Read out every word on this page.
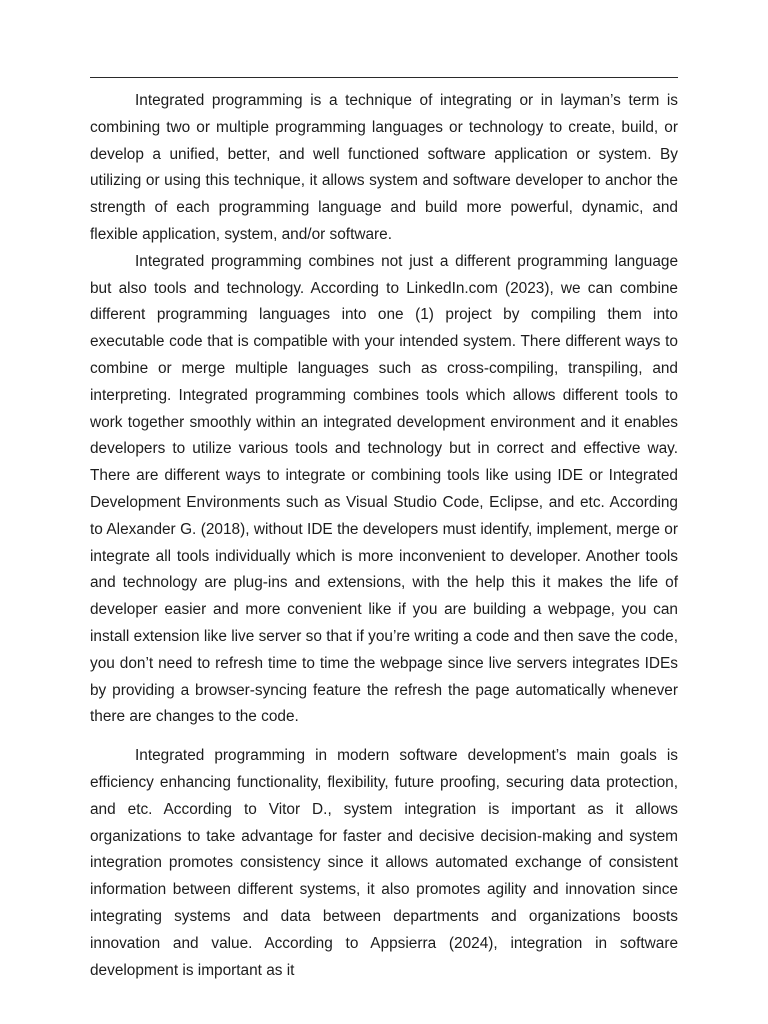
Integrated programming is a technique of integrating or in layman’s term is combining two or multiple programming languages or technology to create, build, or develop a unified, better, and well functioned software application or system. By utilizing or using this technique, it allows system and software developer to anchor the strength of each programming language and build more powerful, dynamic, and flexible application, system, and/or software.

Integrated programming combines not just a different programming language but also tools and technology. According to LinkedIn.com (2023), we can combine different programming languages into one (1) project by compiling them into executable code that is compatible with your intended system. There different ways to combine or merge multiple languages such as cross-compiling, transpiling, and interpreting. Integrated programming combines tools which allows different tools to work together smoothly within an integrated development environment and it enables developers to utilize various tools and technology but in correct and effective way. There are different ways to integrate or combining tools like using IDE or Integrated Development Environments such as Visual Studio Code, Eclipse, and etc. According to Alexander G. (2018), without IDE the developers must identify, implement, merge or integrate all tools individually which is more inconvenient to developer. Another tools and technology are plug-ins and extensions, with the help this it makes the life of developer easier and more convenient like if you are building a webpage, you can install extension like live server so that if you’re writing a code and then save the code, you don’t need to refresh time to time the webpage since live servers integrates IDEs by providing a browser-syncing feature the refresh the page automatically whenever there are changes to the code.

Integrated programming in modern software development’s main goals is efficiency enhancing functionality, flexibility, future proofing, securing data protection, and etc. According to Vitor D., system integration is important as it allows organizations to take advantage for faster and decisive decision-making and system integration promotes consistency since it allows automated exchange of consistent information between different systems, it also promotes agility and innovation since integrating systems and data between departments and organizations boosts innovation and value. According to Appsierra (2024), integration in software development is important as it
